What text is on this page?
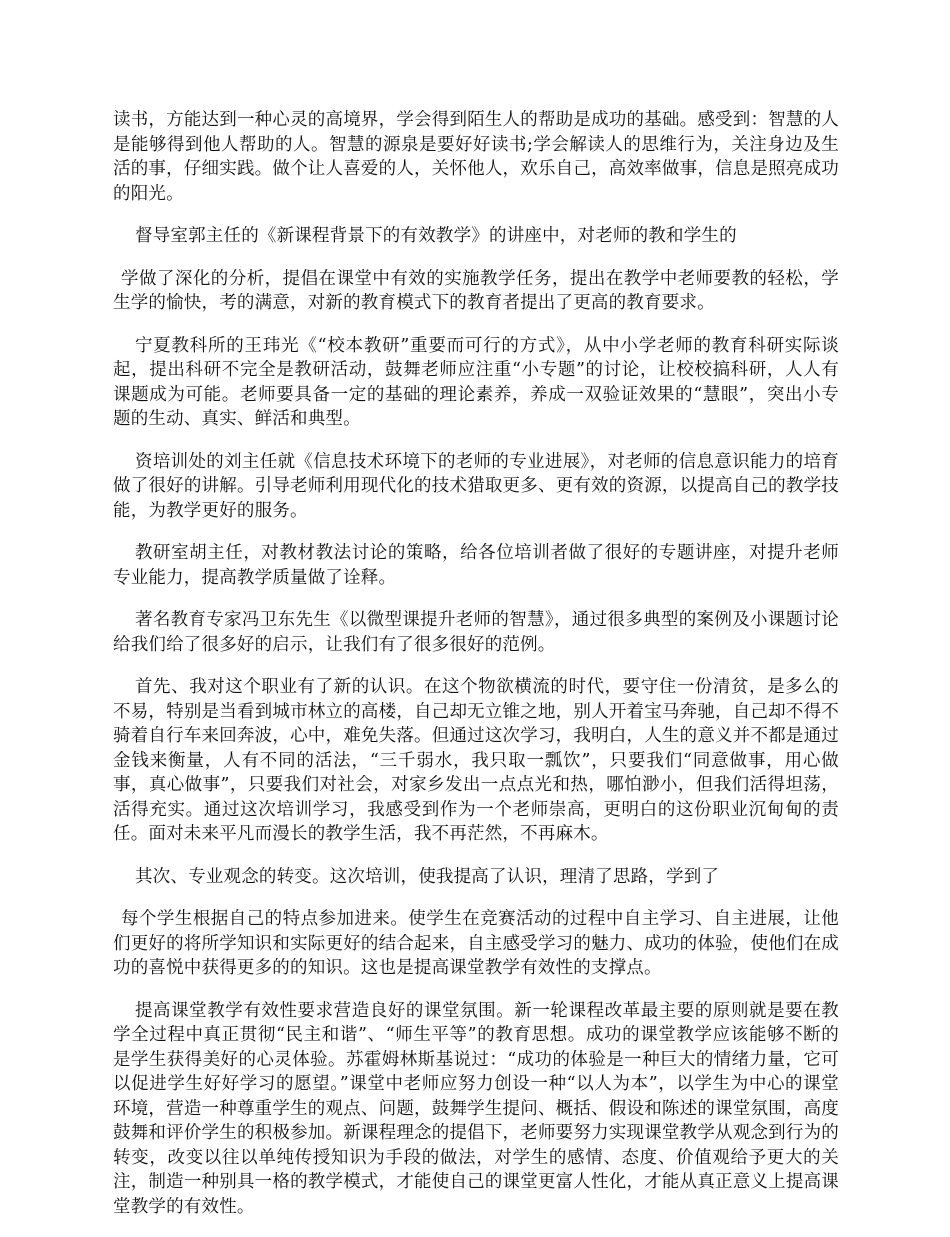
读书，方能达到一种心灵的高境界，学会得到陌生人的帮助是成功的基础。感受到：智慧的人是能够得到他人帮助的人。智慧的源泉是要好好读书;学会解读人的思维行为，关注身边及生活的事，仔细实践。做个让人喜爱的人，关怀他人，欢乐自己，高效率做事，信息是照亮成功的阳光。

督导室郭主任的《新课程背景下的有效教学》的讲座中，对老师的教和学生的

学做了深化的分析，提倡在课堂中有效的实施教学任务，提出在教学中老师要教的轻松，学生学的愉快，考的满意，对新的教育模式下的教育者提出了更高的教育要求。

宁夏教科所的王玮光《“校本教研”重要而可行的方式》，从中小学老师的教育科研实际谈起，提出科研不完全是教研活动，鼓舞老师应注重“小专题”的讨论，让校校搞科研，人人有课题成为可能。老师要具备一定的基础的理论素养，养成一双验证效果的“慧眼”，突出小专题的生动、真实、鲜活和典型。

资培训处的刘主任就《信息技术环境下的老师的专业进展》，对老师的信息意识能力的培育做了很好的讲解。引导老师利用现代化的技术猎取更多、更有效的资源，以提高自己的教学技能，为教学更好的服务。

教研室胡主任，对教材教法讨论的策略，给各位培训者做了很好的专题讲座，对提升老师专业能力，提高教学质量做了诠释。

著名教育专家冯卫东先生《以微型课提升老师的智慧》，通过很多典型的案例及小课题讨论给我们给了很多好的启示，让我们有了很多很好的范例。

首先、我对这个职业有了新的认识。在这个物欲横流的时代，要守住一份清贫，是多么的不易，特别是当看到城市林立的高楼，自己却无立锥之地，别人开着宝马奔驰，自己却不得不骑着自行车来回奔波，心中，难免失落。但通过这次学习，我明白，人生的意义并不都是通过金钱来衡量，人有不同的活法，“三千弱水，我只取一瓢饮”，只要我们“同意做事，用心做事，真心做事”，只要我们对社会，对家乡发出一点点光和热，哪怕渺小，但我们活得坦荡，活得充实。通过这次培训学习，我感受到作为一个老师崇高，更明白的这份职业沉甸甸的责任。面对未来平凡而漫长的教学生活，我不再茫然，不再麻木。

其次、专业观念的转变。这次培训，使我提高了认识，理清了思路，学到了

每个学生根据自己的特点参加进来。使学生在竞赛活动的过程中自主学习、自主进展，让他们更好的将所学知识和实际更好的结合起来，自主感受学习的魅力、成功的体验，使他们在成功的喜悦中获得更多的的知识。这也是提高课堂教学有效性的支撑点。

提高课堂教学有效性要求营造良好的课堂氛围。新一轮课程改革最主要的原则就是要在教学全过程中真正贯彻“民主和谐”、“师生平等”的教育思想。成功的课堂教学应该能够不断的是学生获得美好的心灵体验。苏霍姆林斯基说过：“成功的体验是一种巨大的情绪力量，它可以促进学生好好学习的愿望。”课堂中老师应努力创设一种“以人为本”，以学生为中心的课堂环境，营造一种尊重学生的观点、问题，鼓舞学生提问、概括、假设和陈述的课堂氛围，高度鼓舞和评价学生的积极参加。新课程理念的提倡下，老师要努力实现课堂教学从观念到行为的转变，改变以往以单纯传授知识为手段的做法，对学生的感情、态度、价值观给予更大的关注，制造一种别具一格的教学模式，才能使自己的课堂更富人性化，才能从真正意义上提高课堂教学的有效性。
